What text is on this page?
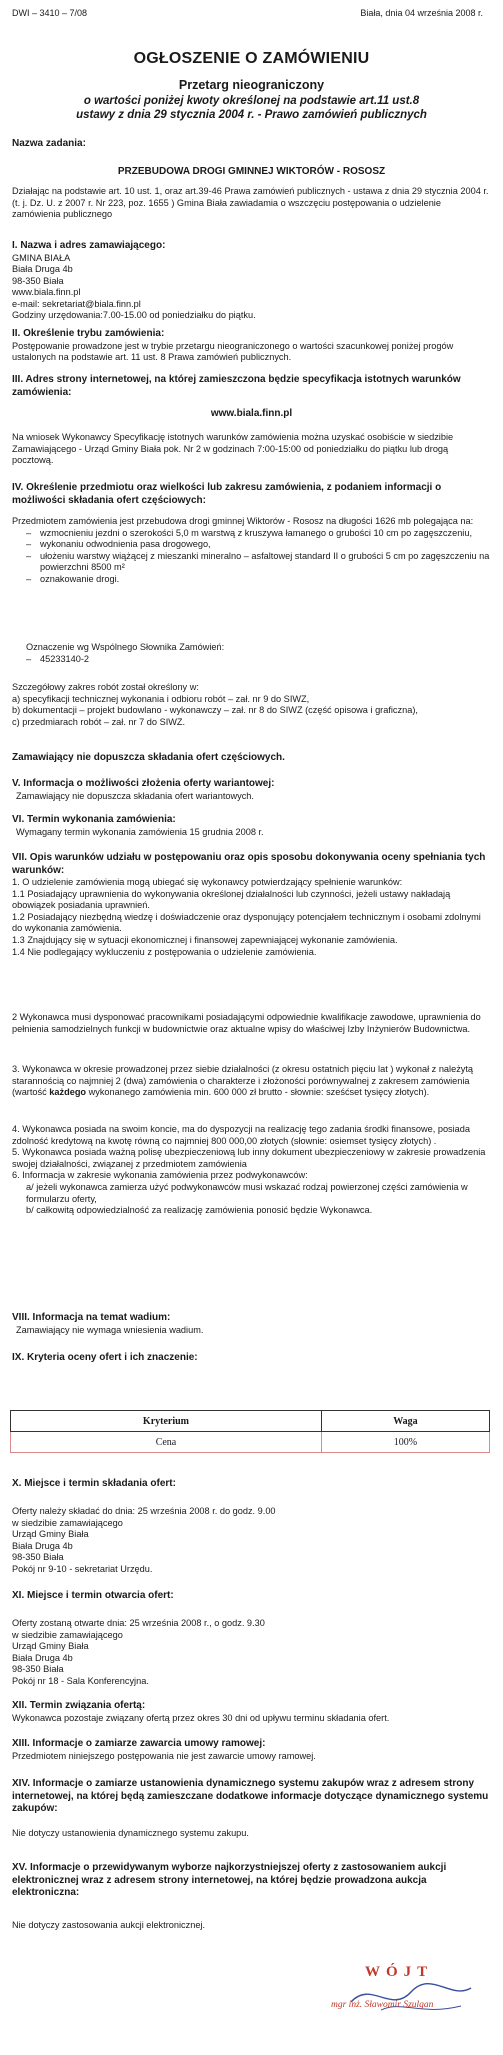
DWI – 3410 – 7/08	Biała, dnia 04 września 2008 r.
OGŁOSZENIE O ZAMÓWIENIU
Przetarg nieograniczony
o wartości poniżej kwoty określonej na podstawie art.11 ust.8
ustawy z dnia 29 stycznia 2004 r. - Prawo zamówień publicznych

Nazwa zadania:

PRZEBUDOWA DROGI GMINNEJ WIKTORÓW - ROSOSZ
Działając na podstawie art. 10 ust. 1, oraz art.39-46 Prawa zamówień publicznych - ustawa z dnia 29 stycznia 2004 r.(t. j. Dz. U. z 2007 r. Nr 223, poz. 1655 ) Gmina Biała zawiadamia o wszczęciu postępowania o udzielenie zamówienia publicznego

I. Nazwa i adres zamawiającego:

GMINA BIAŁA

Biała Druga 4b

98-350 Biała

www.biala.finn.pl

e-mail: sekretariat@biala.finn.pl

Godziny urzędowania:7.00-15.00 od poniedziałku do piątku.

II. Określenie trybu zamówienia:

Postępowanie prowadzone jest w trybie przetargu nieograniczonego o wartości szacunkowej poniżej progów ustalonych na podstawie art. 11 ust. 8 Prawa zamówień publicznych.

III. Adres strony internetowej, na której zamieszczona będzie specyfikacja istotnych warunków zamówienia:

www.biala.finn.pl
Na wniosek Wykonawcy Specyfikację istotnych warunków zamówienia można uzyskać osobiście w siedzibie Zamawiającego - Urząd Gminy Biała pok. Nr 2 w godzinach 7:00-15:00 od poniedziałku do piątku lub drogą pocztową.

IV. Określenie przedmiotu oraz wielkości lub zakresu zamówienia, z podaniem informacji o możliwości składania ofert częściowych:

Przedmiotem zamówienia jest przebudowa drogi gminnej Wiktorów - Rososz na długości 1626 mb polegająca na:

– wzmocnieniu jezdni o szerokości 5,0 m warstwą z kruszywa łamanego o grubości 10 cm po zagęszczeniu,
– wykonaniu odwodnienia pasa drogowego,
– ułożeniu warstwy wiążącej z mieszanki mineralno – asfaltowej standard II o grubości 5 cm po zagęszczeniu na powierzchni 8500 m²
– oznakowanie drogi.

Oznaczenie wg Wspólnego Słownika Zamówień:

– 45233140-2

Szczegółowy zakres robót został określony w:

a) specyfikacji technicznej wykonania i odbioru robót – zał. nr 9 do SIWZ,

b) dokumentacji – projekt budowlano - wykonawczy – zał. nr 8 do SIWZ (część opisowa i graficzna),

c) przedmiarach robót – zał. nr 7 do SIWZ.

Zamawiający nie dopuszcza składania ofert częściowych.

V. Informacja o możliwości złożenia oferty wariantowej:

Zamawiający nie dopuszcza składania ofert wariantowych.

VI. Termin wykonania zamówienia:

Wymagany termin wykonania zamówienia 15 grudnia 2008 r.

VII. Opis warunków udziału w postępowaniu oraz opis sposobu dokonywania oceny spełniania tych warunków:

1. O udzielenie zamówienia mogą ubiegać się wykonawcy potwierdzający spełnienie warunków:

1.1 Posiadający uprawnienia do wykonywania określonej działalności lub czynności, jeżeli ustawy nakładają obowiązek posiadania uprawnień.

1.2 Posiadający niezbędną wiedzę i doświadczenie oraz dysponujący potencjałem technicznym i osobami zdolnymi do wykonania zamówienia.

1.3 Znajdujący się w sytuacji ekonomicznej i finansowej zapewniającej wykonanie zamówienia.

1.4 Nie podlegający wykluczeniu z postępowania o udzielenie zamówienia.

2 Wykonawca musi dysponować pracownikami posiadającymi odpowiednie kwalifikacje zawodowe, uprawnienia do pełnienia samodzielnych funkcji w budownictwie oraz aktualne wpisy do właściwej Izby Inżynierów Budownictwa.
3. Wykonawca w okresie prowadzonej przez siebie działalności (z okresu ostatnich pięciu lat ) wykonał z należytą starannością co najmniej 2 (dwa) zamówienia o charakterze i złożoności porównywalnej z zakresem zamówienia (wartość każdego wykonanego zamówienia min. 600 000 zł brutto - słownie: sześćset tysięcy złotych).

4. Wykonawca posiada na swoim koncie, ma do dyspozycji na realizację tego zadania środki finansowe, posiada zdolność kredytową na kwotę równą co najmniej 800 000,00 złotych (słownie: osiemset tysięcy złotych) .

5. Wykonawca posiada ważną polisę ubezpieczeniową lub inny dokument ubezpieczeniowy w zakresie prowadzenia swojej działalności, związanej z przedmiotem zamówienia

6. Informacja w zakresie wykonania zamówienia przez podwykonawców:

a/ jeżeli wykonawca zamierza użyć podwykonawców musi wskazać rodzaj powierzonej części zamówienia w formularzu oferty,

b/ całkowitą odpowiedzialność za realizację zamówienia ponosić będzie Wykonawca.

VIII. Informacja na temat wadium:

Zamawiający nie wymaga wniesienia wadium.

IX. Kryteria oceny ofert i ich znaczenie:

Kryterium	Waga
Cena	100%

X. Miejsce i termin składania ofert:

Oferty należy składać do dnia: 25 września 2008 r. do godz. 9.00

w siedzibie zamawiającego

Urząd Gminy Biała

Biała Druga 4b

98-350 Biała

Pokój nr 9-10 - sekretariat Urzędu.

XI. Miejsce i termin otwarcia ofert:

Oferty zostaną otwarte dnia: 25 września 2008 r., o godz. 9.30

w siedzibie zamawiającego

Urząd Gminy Biała

Biała Druga 4b

98-350 Biała

Pokój nr 18 - Sala Konferencyjna.

XII. Termin związania ofertą:

Wykonawca pozostaje związany ofertą przez okres 30 dni od upływu terminu składania ofert.

XIII. Informacje o zamiarze zawarcia umowy ramowej:

Przedmiotem niniejszego postępowania nie jest zawarcie umowy ramowej.

XIV. Informacje o zamiarze ustanowienia dynamicznego systemu zakupów wraz z adresem strony internetowej, na której będą zamieszczane dodatkowe informacje dotyczące dynamicznego systemu zakupów:

Nie dotyczy ustanowienia dynamicznego systemu zakupu.

XV. Informacje o przewidywanym wyborze najkorzystniejszej oferty z zastosowaniem aukcji elektronicznej wraz z adresem strony internetowej, na której będzie prowadzona aukcja elektroniczna:

Nie dotyczy zastosowania aukcji elektronicznej.
WÓJT
mgr inż. Sławomir Szulgan
